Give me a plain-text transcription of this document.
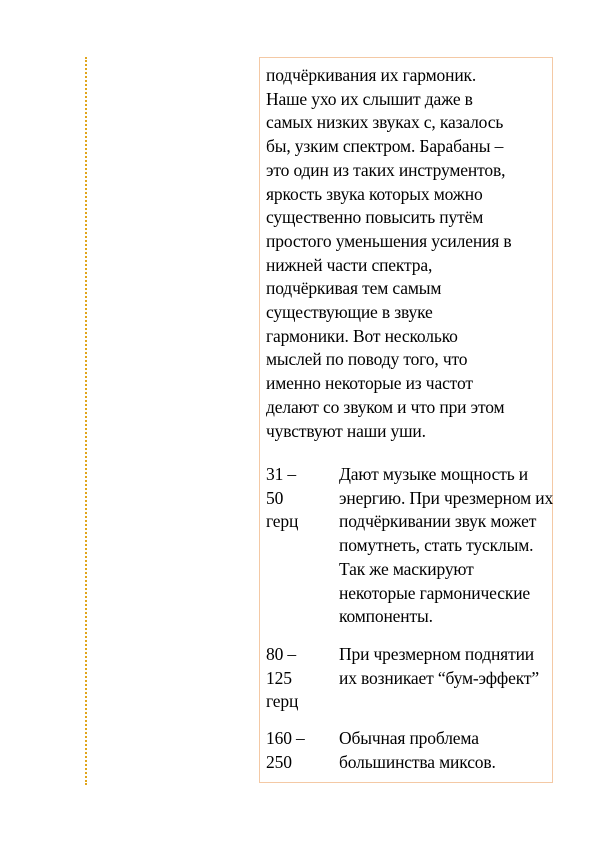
подчёркивания их гармоник.
Наше ухо их слышит даже в
самых низких звуках с, казалось
бы, узким спектром. Барабаны –
это один из таких инструментов,
яркость звука которых можно
существенно повысить путём
простого уменьшения усиления в
нижней части спектра,
подчёркивая тем самым
существующие в звуке
гармоники. Вот несколько
мыслей по поводу того, что
именно некоторые из частот
делают со звуком и что при этом
чувствуют наши уши.
31 –
50
герц
Дают музыке мощность и
энергию. При чрезмерном их
подчёркивании звук может
помутнеть, стать тусклым.
Так же маскируют
некоторые гармонические
компоненты.
80 –
125
герц
При чрезмерном поднятии
их возникает “бум-эффект”
160 –
250
Обычная проблема
большинства миксов.
